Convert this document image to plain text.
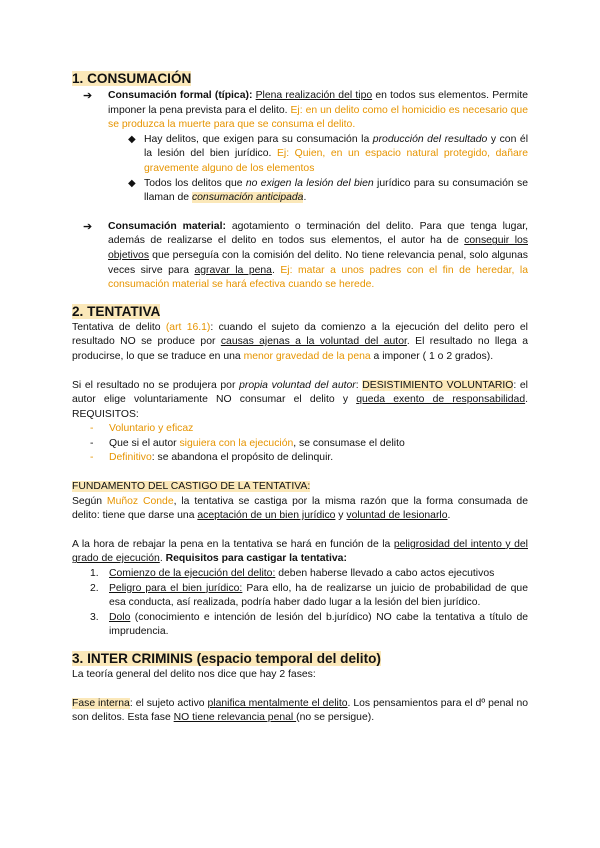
1. CONSUMACIÓN
➔ Consumación formal (típica): Plena realización del tipo en todos sus elementos. Permite imponer la pena prevista para el delito. Ej: en un delito como el homicidio es necesario que se produzca la muerte para que se consuma el delito.
◆ Hay delitos, que exigen para su consumación la producción del resultado y con él la lesión del bien jurídico. Ej: Quien, en un espacio natural protegido, dañare gravemente alguno de los elementos
◆ Todos los delitos que no exigen la lesión del bien jurídico para su consumación se llaman de consumación anticipada.
➔ Consumación material: agotamiento o terminación del delito. Para que tenga lugar, además de realizarse el delito en todos sus elementos, el autor ha de conseguir los objetivos que perseguía con la comisión del delito. No tiene relevancia penal, solo algunas veces sirve para agravar la pena. Ej: matar a unos padres con el fin de heredar, la consumación material se hará efectiva cuando se herede.
2. TENTATIVA

Tentativa de delito (art 16.1): cuando el sujeto da comienzo a la ejecución del delito pero el resultado NO se produce por causas ajenas a la voluntad del autor. El resultado no llega a producirse, lo que se traduce en una menor gravedad de la pena a imponer ( 1 o 2 grados).

Si el resultado no se produjera por propia voluntad del autor: DESISTIMIENTO VOLUNTARIO: el autor elige voluntariamente NO consumar el delito y queda exento de responsabilidad. REQUISITOS:

- Voluntario y eficaz
- Que si el autor siguiera con la ejecución, se consumase el delito
- Definitivo: se abandona el propósito de delinquir.

FUNDAMENTO DEL CASTIGO DE LA TENTATIVA:

Según Muñoz Conde, la tentativa se castiga por la misma razón que la forma consumada de delito: tiene que darse una aceptación de un bien jurídico y voluntad de lesionarlo.

A la hora de rebajar la pena en la tentativa se hará en función de la peligrosidad del intento y del grado de ejecución. Requisitos para castigar la tentativa:

1. Comienzo de la ejecución del delito: deben haberse llevado a cabo actos ejecutivos
2. Peligro para el bien jurídico: Para ello, ha de realizarse un juicio de probabilidad de que esa conducta, así realizada, podría haber dado lugar a la lesión del bien jurídico.
3. Dolo (conocimiento e intención de lesión del b.jurídico) NO cabe la tentativa a título de imprudencia.
3. INTER CRIMINIS (espacio temporal del delito)

La teoría general del delito nos dice que hay 2 fases:

Fase interna: el sujeto activo planifica mentalmente el delito. Los pensamientos para el dº penal no son delitos. Esta fase NO tiene relevancia penal (no se persigue).
